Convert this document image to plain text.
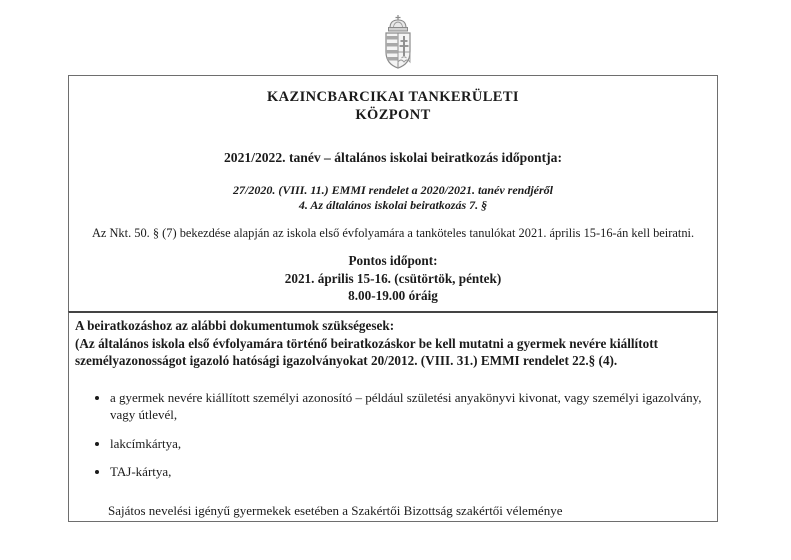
KAZINCBARCIKAI TANKERÜLETI
KÖZPONT
2021/2022. tanév – általános iskolai beiratkozás időpontja:
27/2020. (VIII. 11.) EMMI rendelet a 2020/2021. tanév rendjéről
4. Az általános iskolai beiratkozás 7. §
Az Nkt. 50. § (7) bekezdése alapján az iskola első évfolyamára a tanköteles tanulókat 2021. április 15-16-án kell beiratni.
Pontos időpont:
2021. április 15-16. (csütörtök, péntek)
8.00-19.00 óráig
A beiratkozáshoz az alábbi dokumentumok szükségesek:
(Az általános iskola első évfolyamára történő beiratkozáskor be kell mutatni a gyermek nevére kiállított személyazonosságot igazoló hatósági igazolványokat 20/2012. (VIII. 31.) EMMI rendelet 22.§ (4).
• a gyermek nevére kiállított személyi azonosító – például születési anyakönyvi kivonat, vagy személyi igazolvány, vagy útlevél,
• lakcímkártya,
• TAJ-kártya,
Sajátos nevelési igényű gyermekek esetében a Szakértői Bizottság szakértői véleménye
